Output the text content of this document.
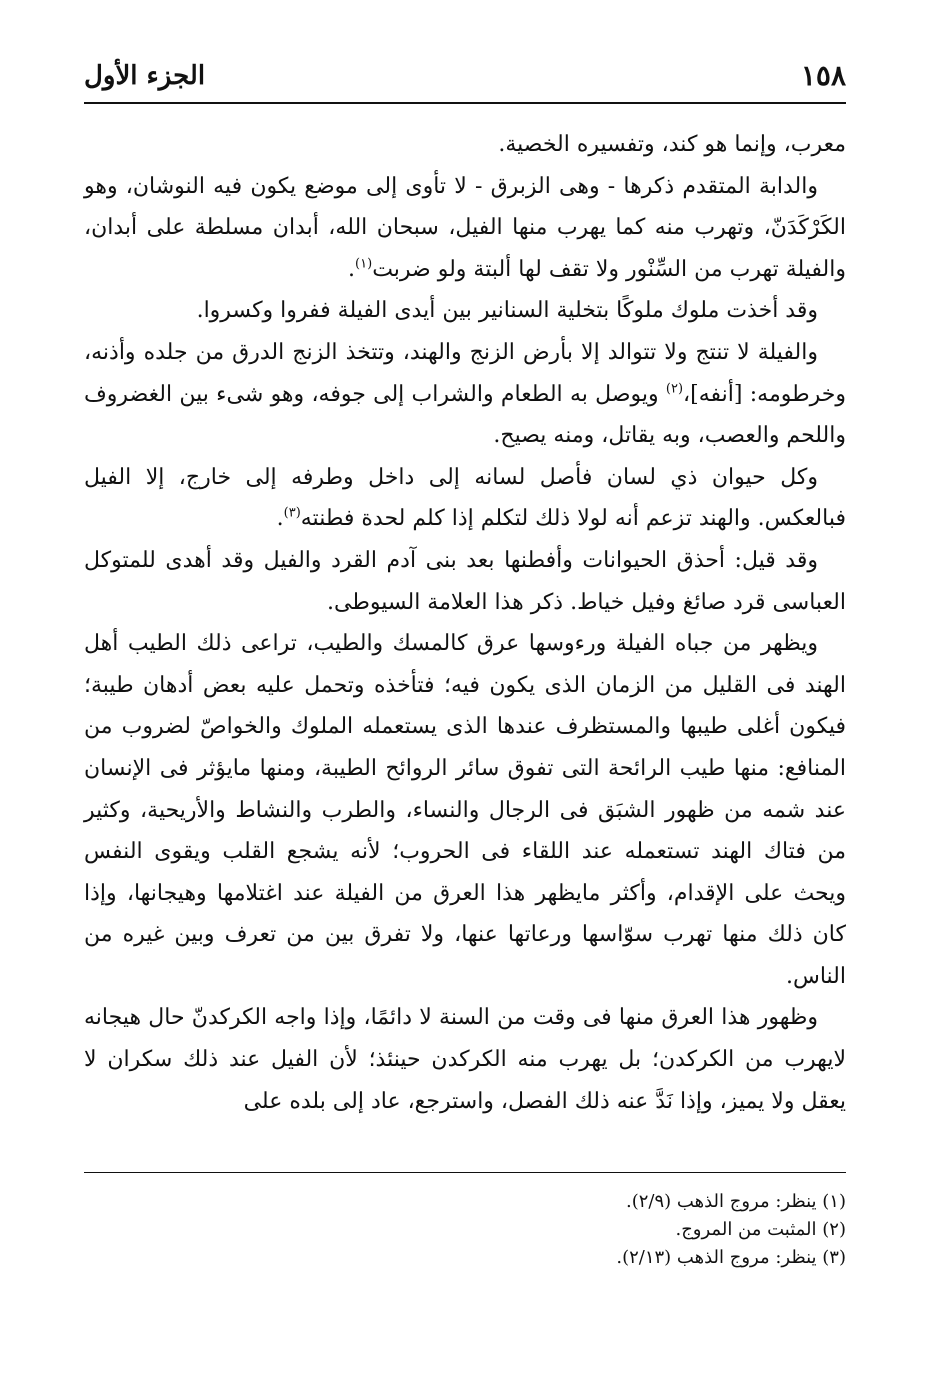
١٥٨
الجزء الأول

معرب، وإنما هو كند، وتفسيره الخصية.

والدابة المتقدم ذكرها - وهى الزبرق - لا تأوى إلى موضع يكون فيه النوشان، وهو الكَرْكَدَنّ، وتهرب منه كما يهرب منها الفيل، سبحان الله، أبدان مسلطة على أبدان، والفيلة تهرب من السِّنْور ولا تقف لها ألبتة ولو ضربت$^{(١)}$.

وقد أخذت ملوك ملوكًا بتخلية السنانير بين أيدى الفيلة ففروا وكسروا.

والفيلة لا تنتج ولا تتوالد إلا بأرض الزنج والهند، وتتخذ الزنج الدرق من جلده وأذنه، وخرطومه: [أنفه]،$^{(٢)}$ ويوصل به الطعام والشراب إلى جوفه، وهو شىء بين الغضروف واللحم والعصب، وبه يقاتل، ومنه يصيح.

وكل حيوان ذي لسان فأصل لسانه إلى داخل وطرفه إلى خارج، إلا الفيل فبالعكس. والهند تزعم أنه لولا ذلك لتكلم إذا كلم لحدة فطنته$^{(٣)}$.

وقد قيل: أحذق الحيوانات وأفطنها بعد بنى آدم القرد والفيل وقد أهدى للمتوكل العباسى قرد صائغ وفيل خياط. ذكر هذا العلامة السيوطى.

ويظهر من جباه الفيلة ورءوسها عرق كالمسك والطيب، تراعى ذلك الطيب أهل الهند فى القليل من الزمان الذى يكون فيه؛ فتأخذه وتحمل عليه بعض أدهان طيبة؛ فيكون أغلى طيبها والمستظرف عندها الذى يستعمله الملوك والخواصّ لضروب من المنافع: منها طيب الرائحة التى تفوق سائر الروائح الطيبة، ومنها مايؤثر فى الإنسان عند شمه من ظهور الشبَق فى الرجال والنساء، والطرب والنشاط والأريحية، وكثير من فتاك الهند تستعمله عند اللقاء فى الحروب؛ لأنه يشجع القلب ويقوى النفس ويحث على الإقدام، وأكثر مايظهر هذا العرق من الفيلة عند اغتلامها وهيجانها، وإذا كان ذلك منها تهرب سوّاسها ورعاتها عنها، ولا تفرق بين من تعرف وبين غيره من الناس.

وظهور هذا العرق منها فى وقت من السنة لا دائمًا، وإذا واجه الكركدنّ حال هيجانه لايهرب من الكركدن؛ بل يهرب منه الكركدن حينئذ؛ لأن الفيل عند ذلك سكران لا يعقل ولا يميز، وإذا نَدَّ عنه ذلك الفصل، واسترجع، عاد إلى بلده على

(١) ينظر: مروج الذهب (٢/٩).

(٢) المثبت من المروج.

(٣) ينظر: مروج الذهب (٢/١٣).
